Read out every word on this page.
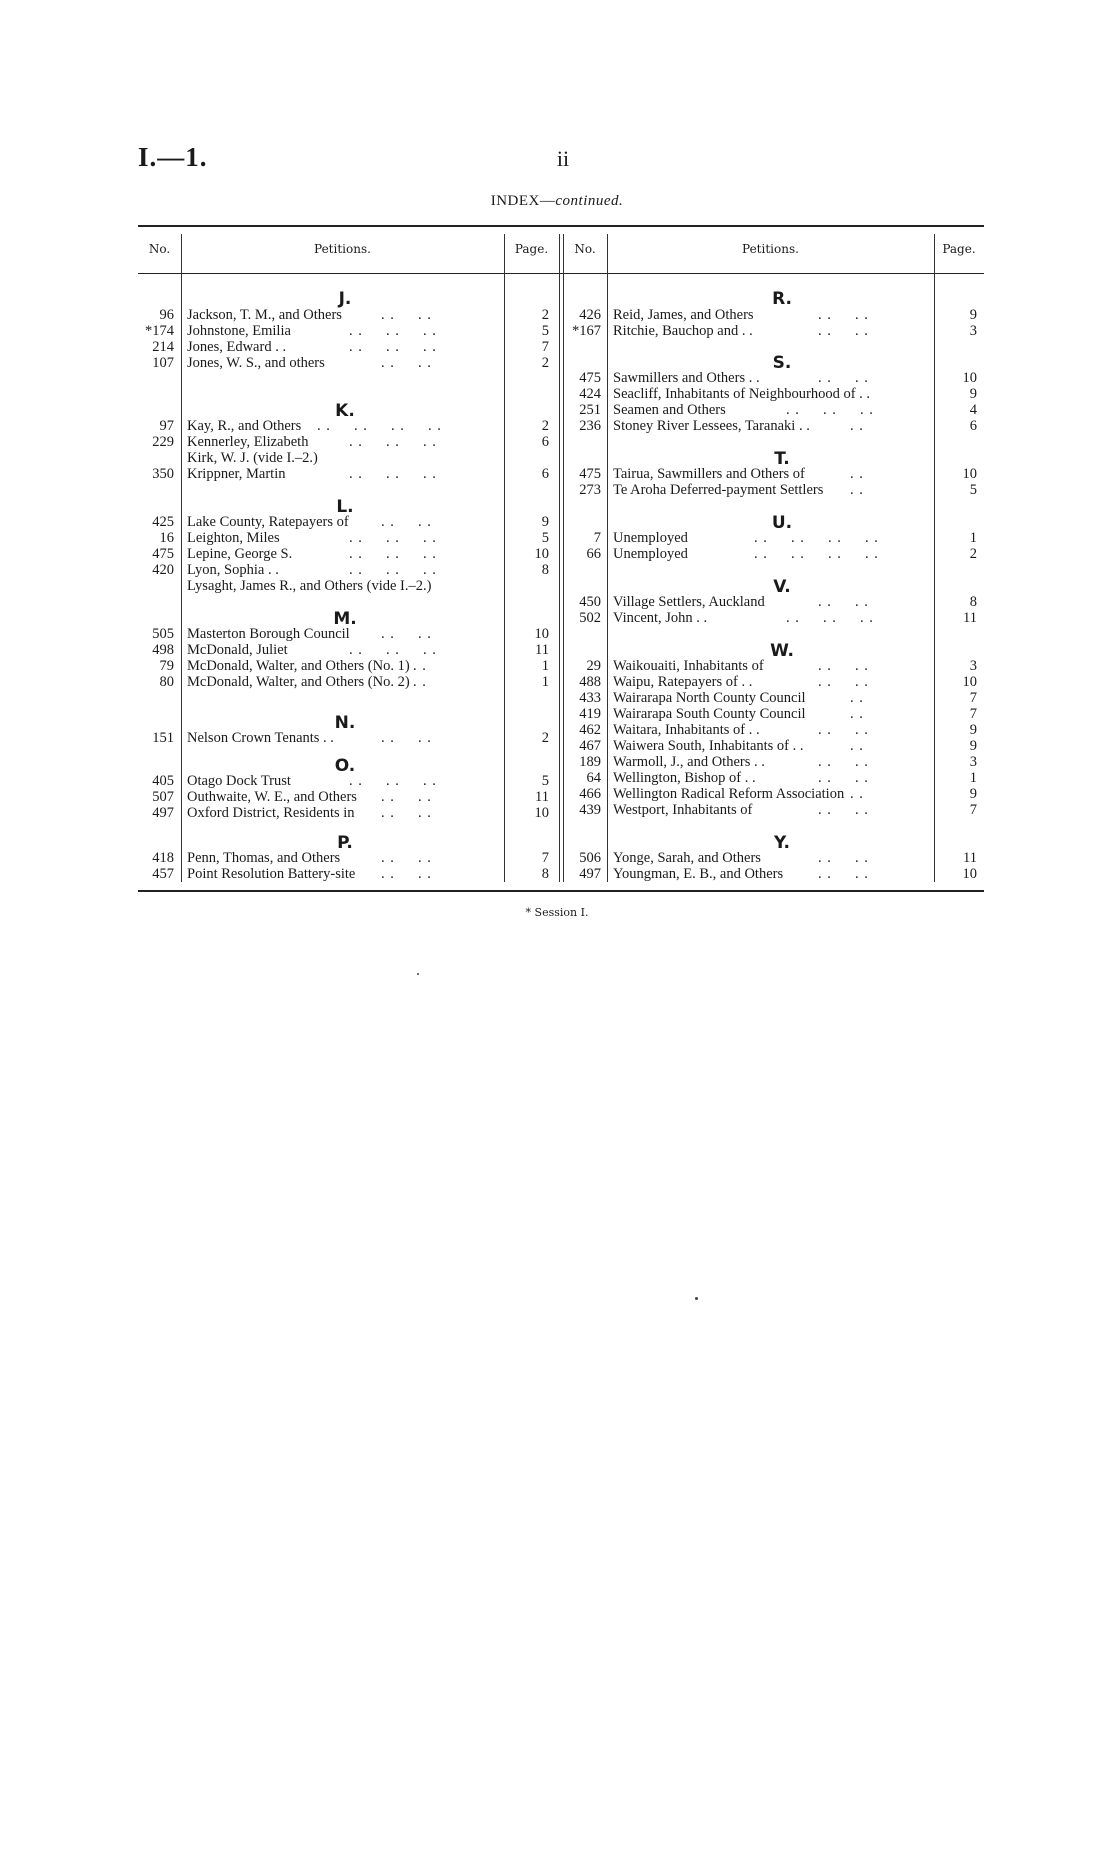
I.—1.	ii
INDEX—continued.
No.	Petitions.	Page.	No.	Petitions.	Page.
J.
96 Jackson, T. M., and Others	. .     . .	2
*174 Johnstone, Emilia	. .     . .     . .	5
214 Jones, Edward . .	. .     . .     . .	7
107 Jones, W. S., and others	. .     . .	2
K.
97 Kay, R., and Others . .     . .     . .     . .	2
229 Kennerley, Elizabeth	. .     . .     . .	6
Kirk, W. J. (vide I.–2.)
350 Krippner, Martin	. .     . .     . .	6
L.
425 Lake County, Ratepayers of . .     . .	9
16 Leighton, Miles	. .     . .     . .	5
475 Lepine, George S.	. .     . .     . .	10
420 Lyon, Sophia . .	. .     . .     . .	8
Lysaght, James R., and Others (vide I.–2.)
M.
505 Masterton Borough Council . .     . .	10
498 McDonald, Juliet	. .     . .     . .	11
79 McDonald, Walter, and Others (No. 1) . .	1
80 McDonald, Walter, and Others (No. 2) . .	1
N.
151 Nelson Crown Tenants . .	. .     . .	2
O.
405 Otago Dock Trust	. .     . .     . .	5
507 Outhwaite, W. E., and Others . .     . .	11
497 Oxford District, Residents in . .     . .	10
P.
418 Penn, Thomas, and Others	. .     . .	7
457 Point Resolution Battery-site . .     . .	8
R.
426 Reid, James, and Others	. .     . .	9
*167 Ritchie, Bauchop and . .	. .     . .	3
S.
475 Sawmillers and Others . .	. .     . .	10
424 Seacliff, Inhabitants of Neighbourhood of . .	9
251 Seamen and Others	. .     . .     . .	4
236 Stoney River Lessees, Taranaki . .	. .	6
T.
475 Tairua, Sawmillers and Others of	. .	10
273 Te Aroha Deferred-payment Settlers . .	5
U.
7 Unemployed	. .     . .     . .     . .	1
66 Unemployed	. .     . .     . .     . .	2
V.
450 Village Settlers, Auckland	. .     . .	8
502 Vincent, John . .	. .     . .     . .	11
W.
29 Waikouaiti, Inhabitants of	. .     . .	3
488 Waipu, Ratepayers of . .	. .     . .	10
433 Wairarapa North County Council	. .	7
419 Wairarapa South County Council	. .	7
462 Waitara, Inhabitants of . .	. .     . .	9
467 Waiwera South, Inhabitants of . .	. .	9
189 Warmoll, J., and Others . .	. .     . .	3
64 Wellington, Bishop of . .	. .     . .	1
466 Wellington Radical Reform Association . .	9
439 Westport, Inhabitants of	. .     . .	7
Y.
506 Yonge, Sarah, and Others	. .     . .	11
497 Youngman, E. B., and Others . .     . .	10
* Session I.
